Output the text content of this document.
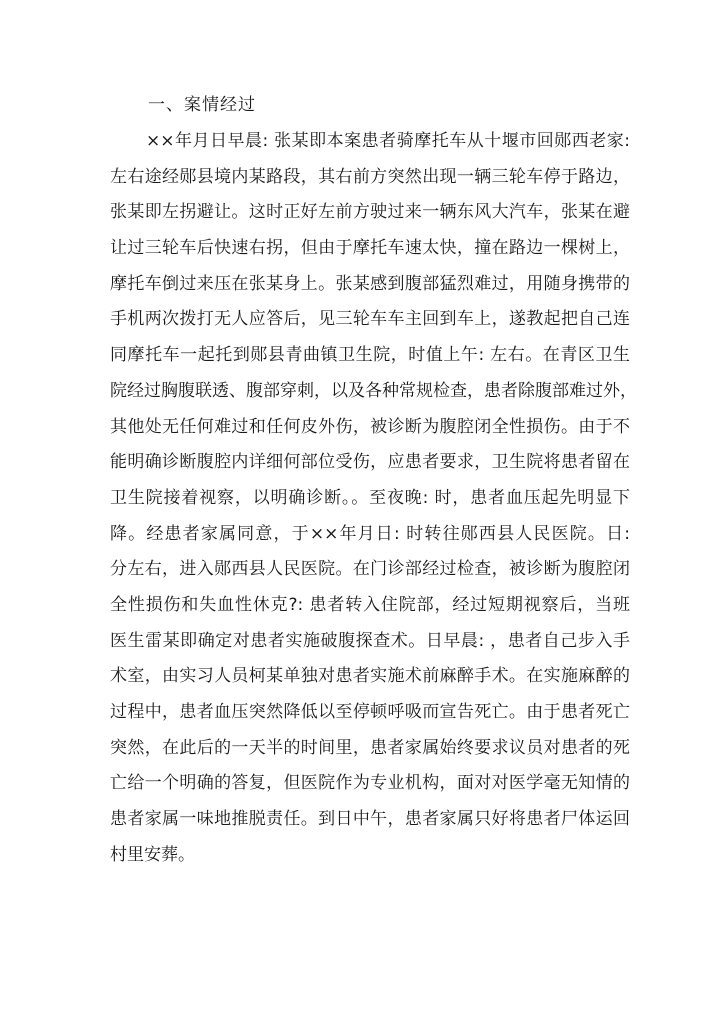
一、案情经过
××年月日早晨: 张某即本案患者骑摩托车从十堰市回郧西老家:
左右途经郧县境内某路段，其右前方突然出现一辆三轮车停于路边，
张某即左拐避让。这时正好左前方驶过来一辆东风大汽车，张某在避
让过三轮车后快速右拐，但由于摩托车速太快，撞在路边一棵树上，
摩托车倒过来压在张某身上。张某感到腹部猛烈难过，用随身携带的
手机两次拨打无人应答后，见三轮车车主回到车上，遂教起把自己连
同摩托车一起托到郧县青曲镇卫生院，时值上午: 左右。在青区卫生
院经过胸腹联透、腹部穿刺，以及各种常规检查，患者除腹部难过外，
其他处无任何难过和任何皮外伤，被诊断为腹腔闭全性损伤。由于不
能明确诊断腹腔内详细何部位受伤，应患者要求，卫生院将患者留在
卫生院接着视察，以明确诊断。。至夜晚: 时，患者血压起先明显下
降。经患者家属同意，于××年月日: 时转往郧西县人民医院。日:
分左右，进入郧西县人民医院。在门诊部经过检查，被诊断为腹腔闭
全性损伤和失血性休克?: 患者转入住院部，经过短期视察后，当班
医生雷某即确定对患者实施破腹探查术。日早晨: ，患者自己步入手
术室，由实习人员柯某单独对患者实施术前麻醉手术。在实施麻醉的
过程中，患者血压突然降低以至停顿呼吸而宣告死亡。由于患者死亡
突然，在此后的一天半的时间里，患者家属始终要求议员对患者的死
亡给一个明确的答复，但医院作为专业机构，面对对医学毫无知情的
患者家属一味地推脱责任。到日中午，患者家属只好将患者尸体运回
村里安葬。
